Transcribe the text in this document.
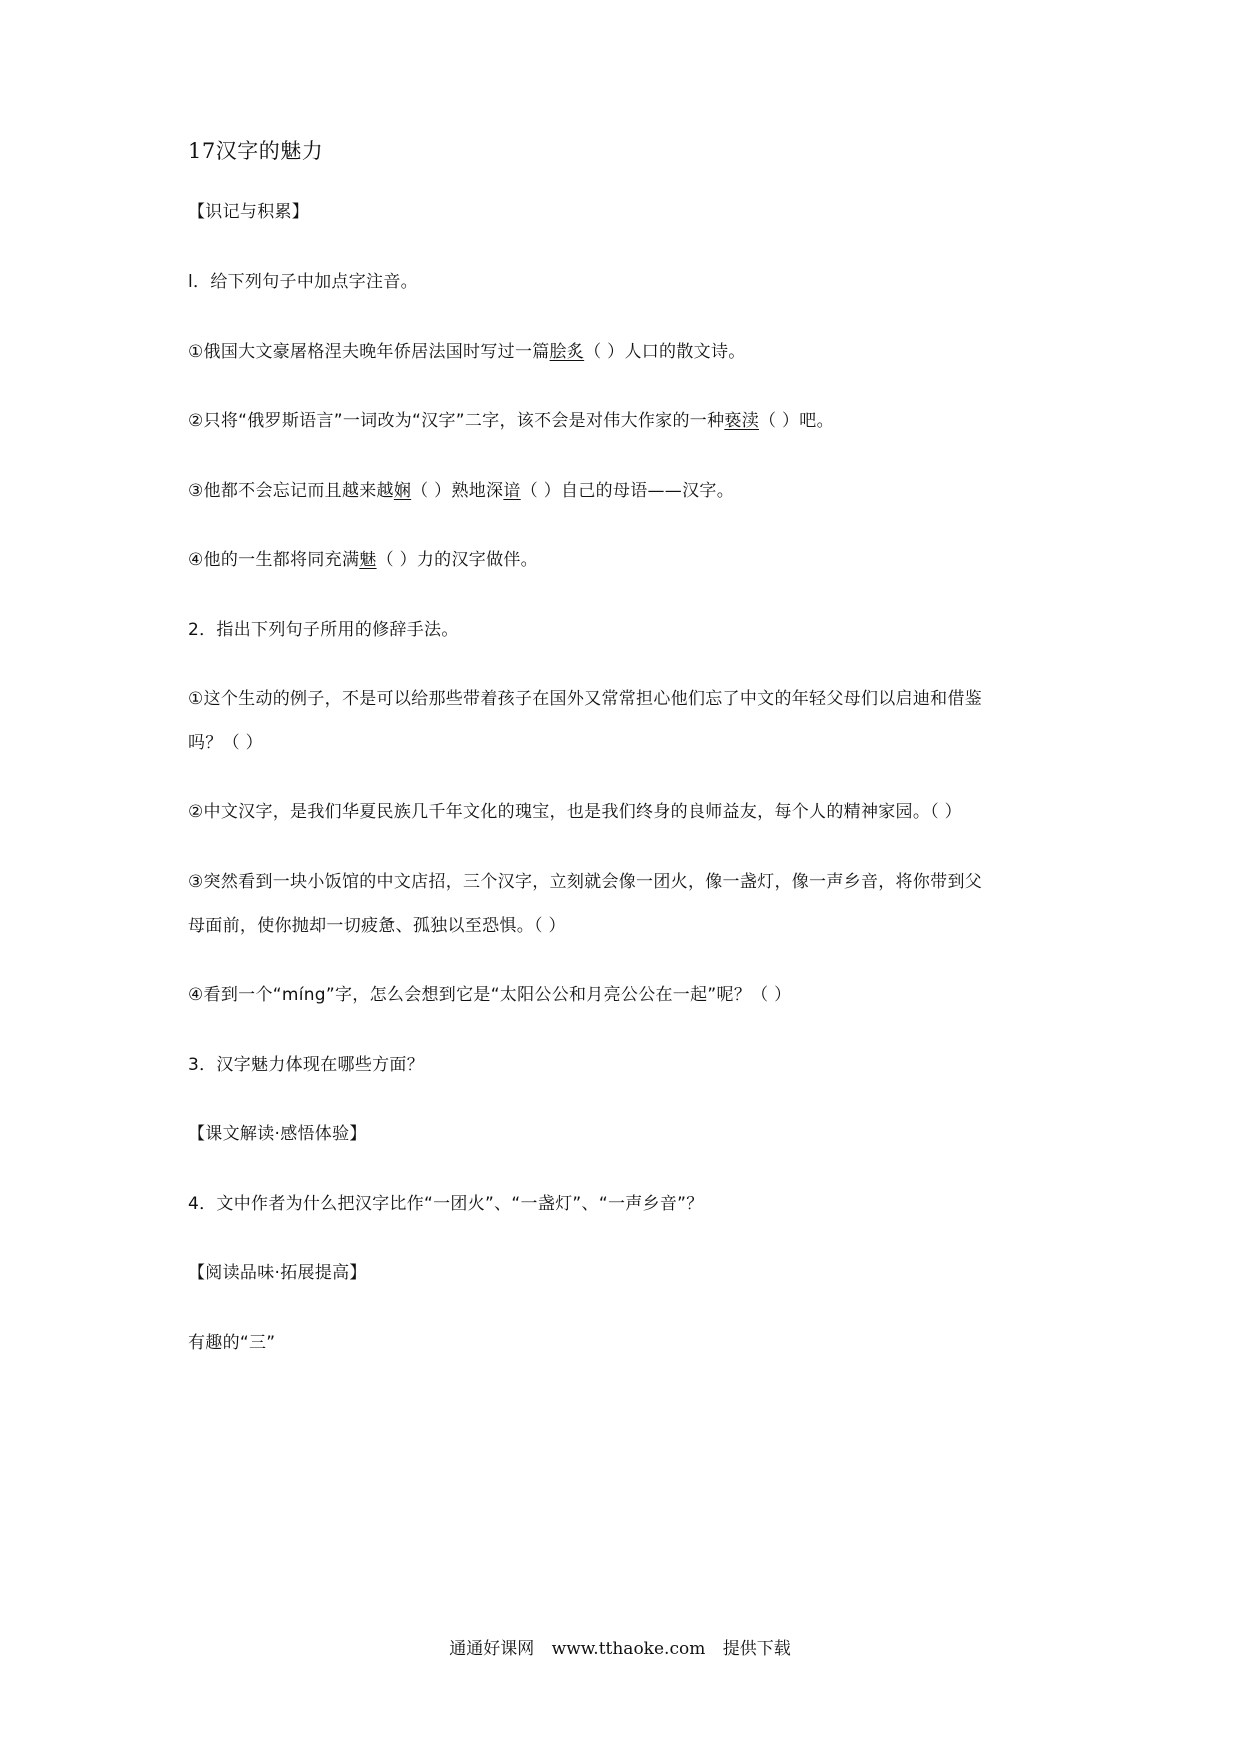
17汉字的魅力
【识记与积累】
l．给下列句子中加点字注音。
①俄国大文豪屠格涅夫晚年侨居法国时写过一篇脍炙（ ）人口的散文诗。
②只将“俄罗斯语言”一词改为“汉字”二字，该不会是对伟大作家的一种亵渎（ ）吧。
③他都不会忘记而且越来越娴（ ）熟地深谙（ ）自己的母语——汉字。
④他的一生都将同充满魅（ ）力的汉字做伴。
2．指出下列句子所用的修辞手法。
①这个生动的例子，不是可以给那些带着孩子在国外又常常担心他们忘了中文的年轻父母们以启迪和借鉴
吗？（ ）
②中文汉字，是我们华夏民族几千年文化的瑰宝，也是我们终身的良师益友，每个人的精神家园。（ ）
③突然看到一块小饭馆的中文店招，三个汉字，立刻就会像一团火，像一盏灯，像一声乡音，将你带到父
母面前，使你抛却一切疲惫、孤独以至恐惧。（ ）
④看到一个“míng”字，怎么会想到它是“太阳公公和月亮公公在一起”呢？（ ）
3．汉字魅力体现在哪些方面？
【课文解读·感悟体验】
4．文中作者为什么把汉字比作“一团火”、“一盏灯”、“一声乡音”？
【阅读品味·拓展提高】
有趣的“三”
通通好课网 www.tthaoke.com 提供下载
